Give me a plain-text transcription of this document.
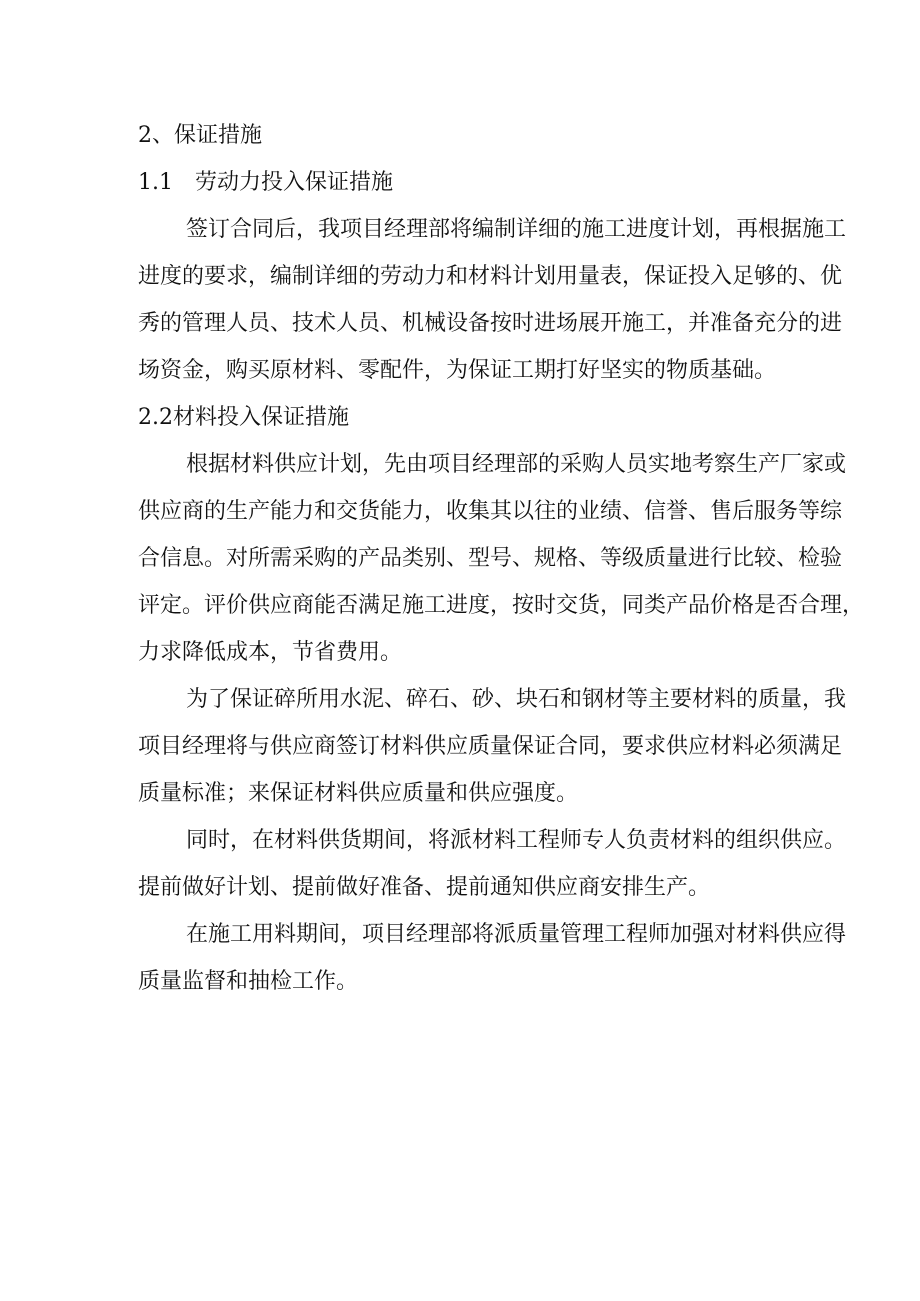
2、保证措施
1.1　劳动力投入保证措施
签订合同后，我项目经理部将编制详细的施工进度计划，再根据施工
进度的要求，编制详细的劳动力和材料计划用量表，保证投入足够的、优
秀的管理人员、技术人员、机械设备按时进场展开施工，并准备充分的进
场资金，购买原材料、零配件，为保证工期打好坚实的物质基础。
2.2材料投入保证措施
根据材料供应计划，先由项目经理部的采购人员实地考察生产厂家或
供应商的生产能力和交货能力，收集其以往的业绩、信誉、售后服务等综
合信息。对所需采购的产品类别、型号、规格、等级质量进行比较、检验
评定。评价供应商能否满足施工进度，按时交货，同类产品价格是否合理，
力求降低成本，节省费用。
为了保证碎所用水泥、碎石、砂、块石和钢材等主要材料的质量，我
项目经理将与供应商签订材料供应质量保证合同，要求供应材料必须满足
质量标准；来保证材料供应质量和供应强度。
同时，在材料供货期间，将派材料工程师专人负责材料的组织供应。
提前做好计划、提前做好准备、提前通知供应商安排生产。
在施工用料期间，项目经理部将派质量管理工程师加强对材料供应得
质量监督和抽检工作。
